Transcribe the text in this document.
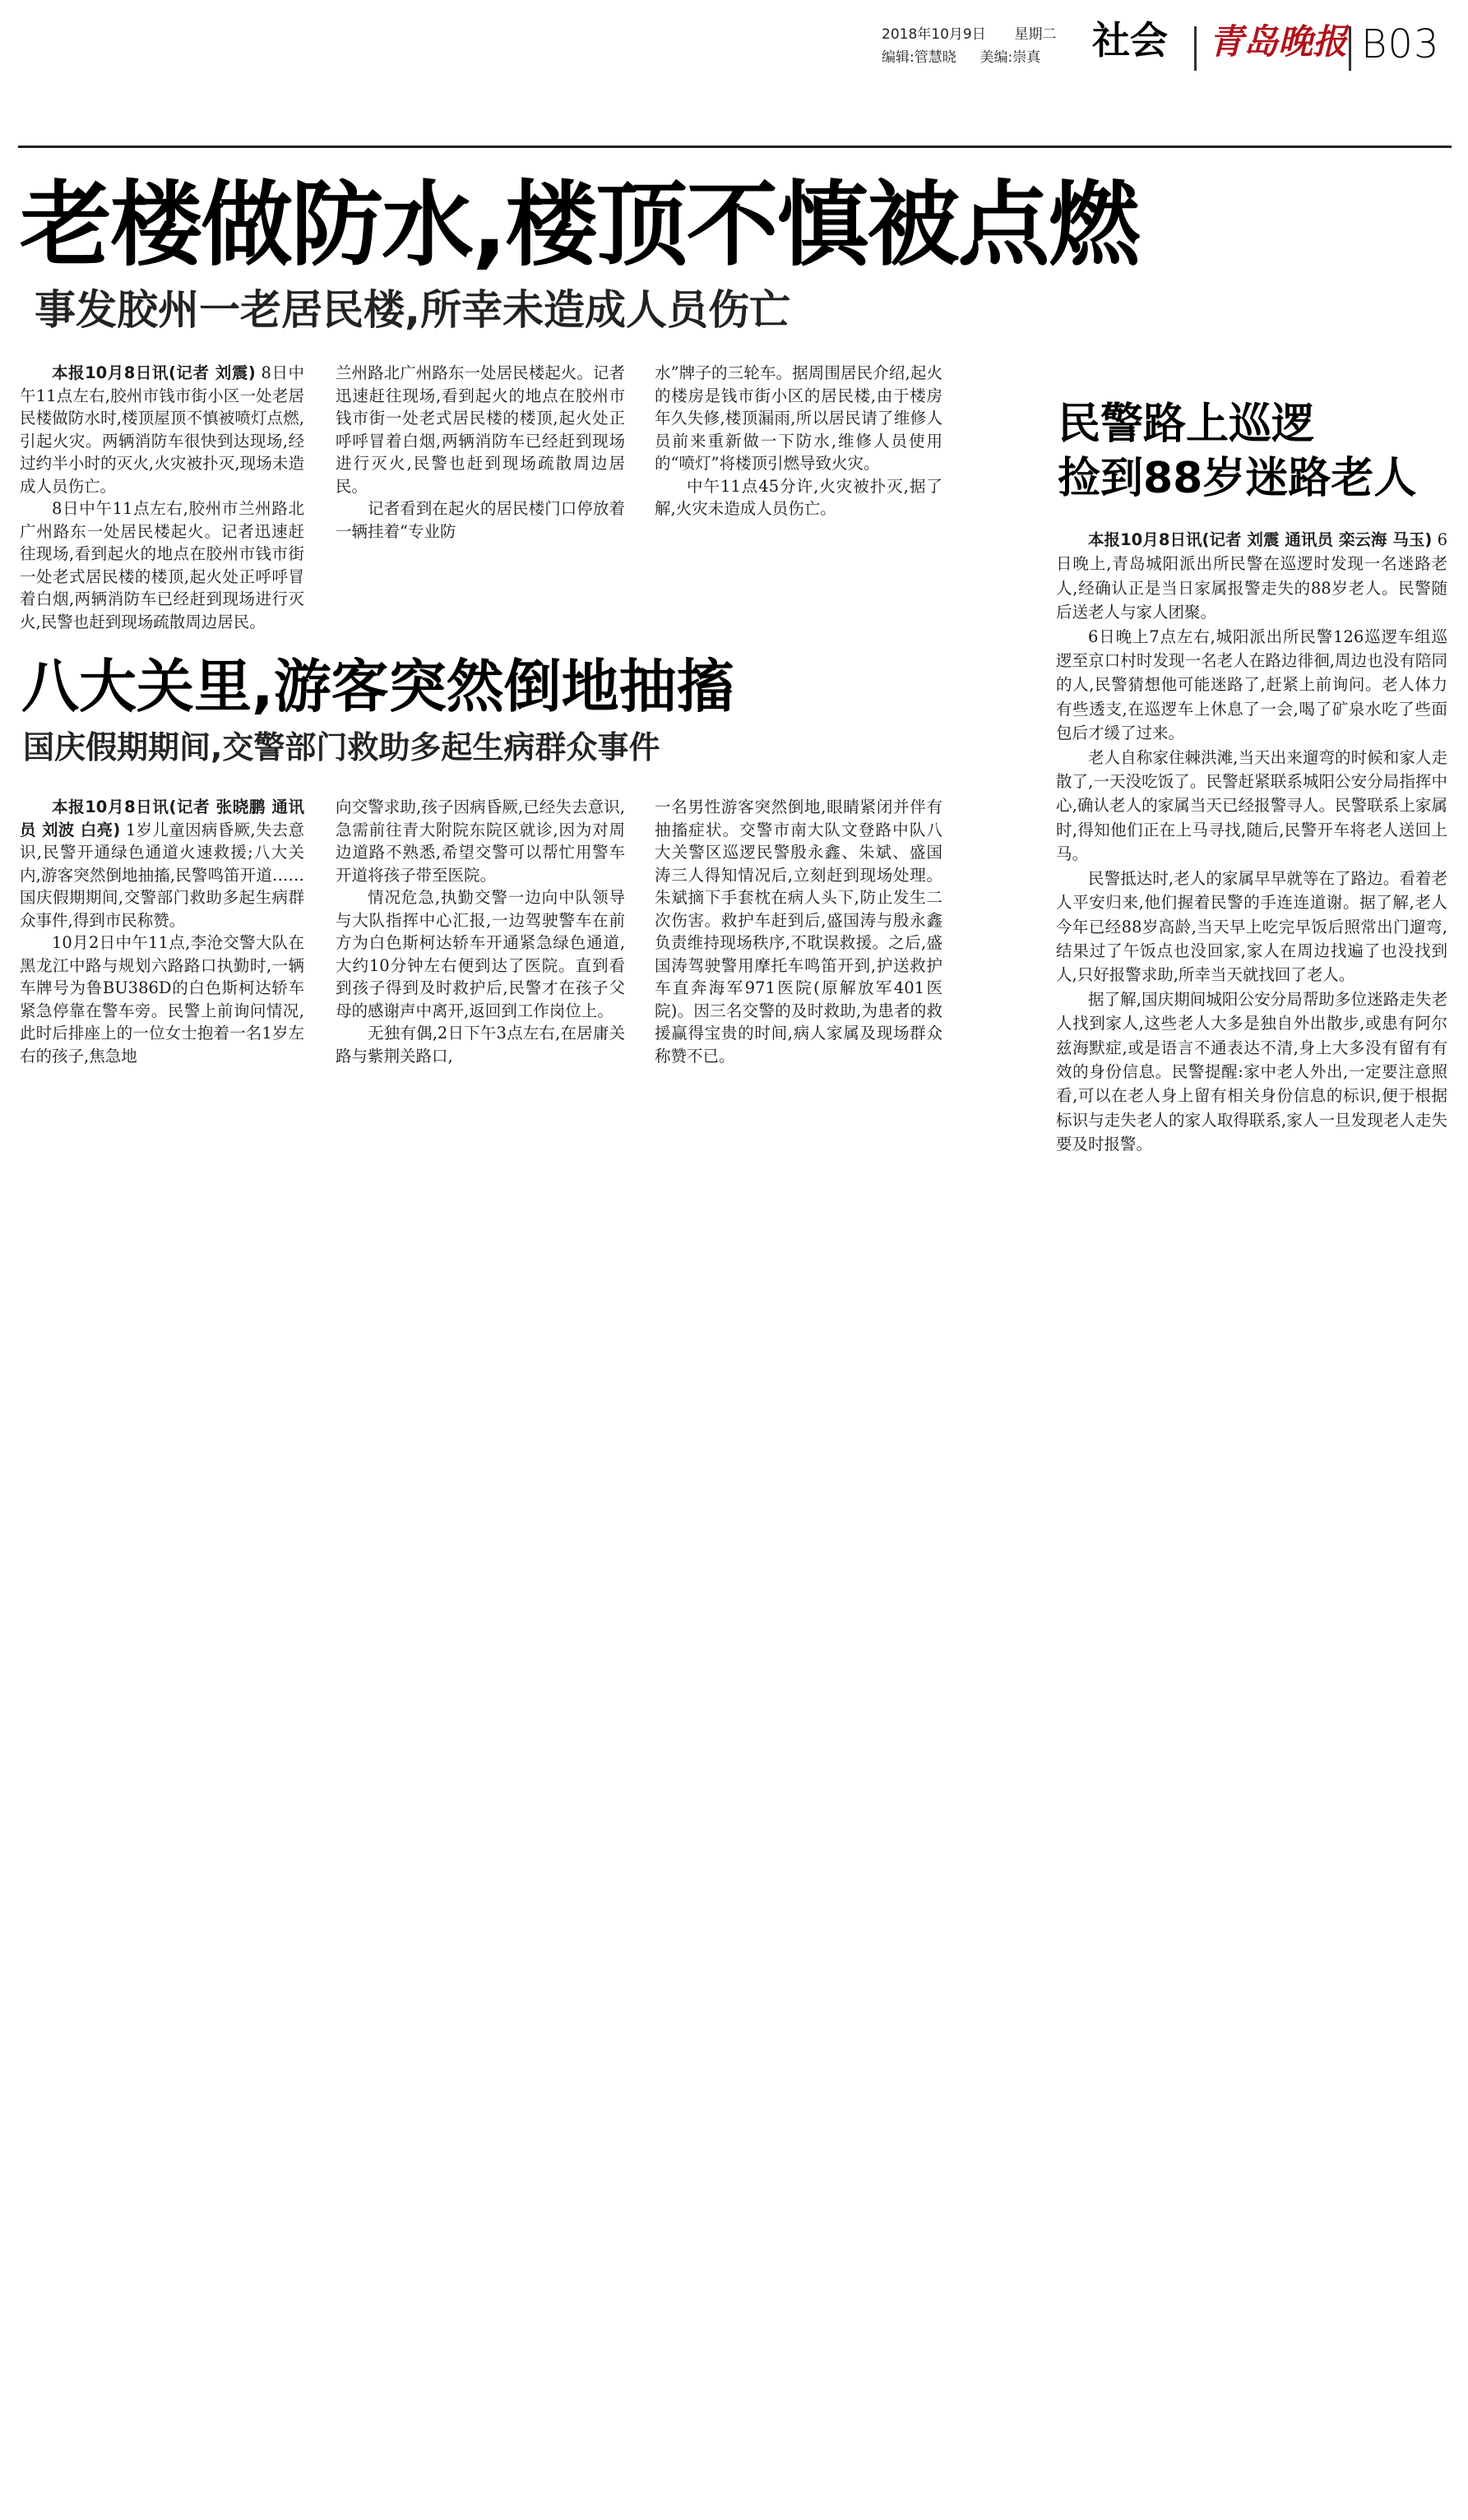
2018年10月9日 星期二
编辑:管慧晓 美编:崇真 社会 青岛晚报 B03
老楼做防水,楼顶不慎被点燃
事发胶州一老居民楼,所幸未造成人员伤亡

本报10月8日讯(记者 刘震) 8日中午11点左右,胶州市钱市街小区一处老居民楼做防水时,楼顶屋顶不慎被喷灯点燃,引起火灾。两辆消防车很快到达现场,经过约半小时的灭火,火灾被扑灭,现场未造成人员伤亡。

8日中午11点左右,胶州市兰州路北广州路东一处居民楼起火。记者迅速赶往现场,看到起火的地点在胶州市钱市街一处老式居民楼的楼顶,起火处正呼呼冒着白烟,两辆消防车已经赶到现场进行灭火,民警也赶到现场疏散周边居民。

兰州路北广州路东一处居民楼起火。记者迅速赶往现场,看到起火的地点在胶州市钱市街一处老式居民楼的楼顶,起火处正呼呼冒着白烟,两辆消防车已经赶到现场进行灭火,民警也赶到现场疏散周边居民。

记者看到在起火的居民楼门口停放着一辆挂着“专业防

水”牌子的三轮车。据周围居民介绍,起火的楼房是钱市街小区的居民楼,由于楼房年久失修,楼顶漏雨,所以居民请了维修人员前来重新做一下防水,维修人员使用的“喷灯”将楼顶引燃导致火灾。

中午11点45分许,火灾被扑灭,据了解,火灾未造成人员伤亡。

八大关里,游客突然倒地抽搐
国庆假期期间,交警部门救助多起生病群众事件

本报10月8日讯(记者 张晓鹏 通讯员 刘波 白亮) 1岁儿童因病昏厥,失去意识,民警开通绿色通道火速救援;八大关内,游客突然倒地抽搐,民警鸣笛开道……国庆假期期间,交警部门救助多起生病群众事件,得到市民称赞。

10月2日中午11点,李沧交警大队在黑龙江中路与规划六路路口执勤时,一辆车牌号为鲁BU386D的白色斯柯达轿车紧急停靠在警车旁。民警上前询问情况,此时后排座上的一位女士抱着一名1岁左右的孩子,焦急地

向交警求助,孩子因病昏厥,已经失去意识,急需前往青大附院东院区就诊,因为对周边道路不熟悉,希望交警可以帮忙用警车开道将孩子带至医院。

情况危急,执勤交警一边向中队领导与大队指挥中心汇报,一边驾驶警车在前方为白色斯柯达轿车开通紧急绿色通道,大约10分钟左右便到达了医院。直到看到孩子得到及时救护后,民警才在孩子父母的感谢声中离开,返回到工作岗位上。

无独有偶,2日下午3点左右,在居庸关路与紫荆关路口,

一名男性游客突然倒地,眼睛紧闭并伴有抽搐症状。交警市南大队文登路中队八大关警区巡逻民警殷永鑫、朱斌、盛国涛三人得知情况后,立刻赶到现场处理。朱斌摘下手套枕在病人头下,防止发生二次伤害。救护车赶到后,盛国涛与殷永鑫负责维持现场秩序,不耽误救援。之后,盛国涛驾驶警用摩托车鸣笛开到,护送救护车直奔海军971医院(原解放军401医院)。因三名交警的及时救助,为患者的救援赢得宝贵的时间,病人家属及现场群众称赞不已。

民警路上巡逻
捡到88岁迷路老人

本报10月8日讯(记者 刘震 通讯员 栾云海 马玉) 6日晚上,青岛城阳派出所民警在巡逻时发现一名迷路老人,经确认正是当日家属报警走失的88岁老人。民警随后送老人与家人团聚。

6日晚上7点左右,城阳派出所民警126巡逻车组巡逻至京口村时发现一名老人在路边徘徊,周边也没有陪同的人,民警猜想他可能迷路了,赶紧上前询问。老人体力有些透支,在巡逻车上休息了一会,喝了矿泉水吃了些面包后才缓了过来。

老人自称家住棘洪滩,当天出来遛弯的时候和家人走散了,一天没吃饭了。民警赶紧联系城阳公安分局指挥中心,确认老人的家属当天已经报警寻人。民警联系上家属时,得知他们正在上马寻找,随后,民警开车将老人送回上马。

民警抵达时,老人的家属早早就等在了路边。看着老人平安归来,他们握着民警的手连连道谢。据了解,老人今年已经88岁高龄,当天早上吃完早饭后照常出门遛弯,结果过了午饭点也没回家,家人在周边找遍了也没找到人,只好报警求助,所幸当天就找回了老人。

据了解,国庆期间城阳公安分局帮助多位迷路走失老人找到家人,这些老人大多是独自外出散步,或患有阿尔兹海默症,或是语言不通表达不清,身上大多没有留有有效的身份信息。民警提醒:家中老人外出,一定要注意照看,可以在老人身上留有相关身份信息的标识,便于根据标识与走失老人的家人取得联系,家人一旦发现老人走失要及时报警。
